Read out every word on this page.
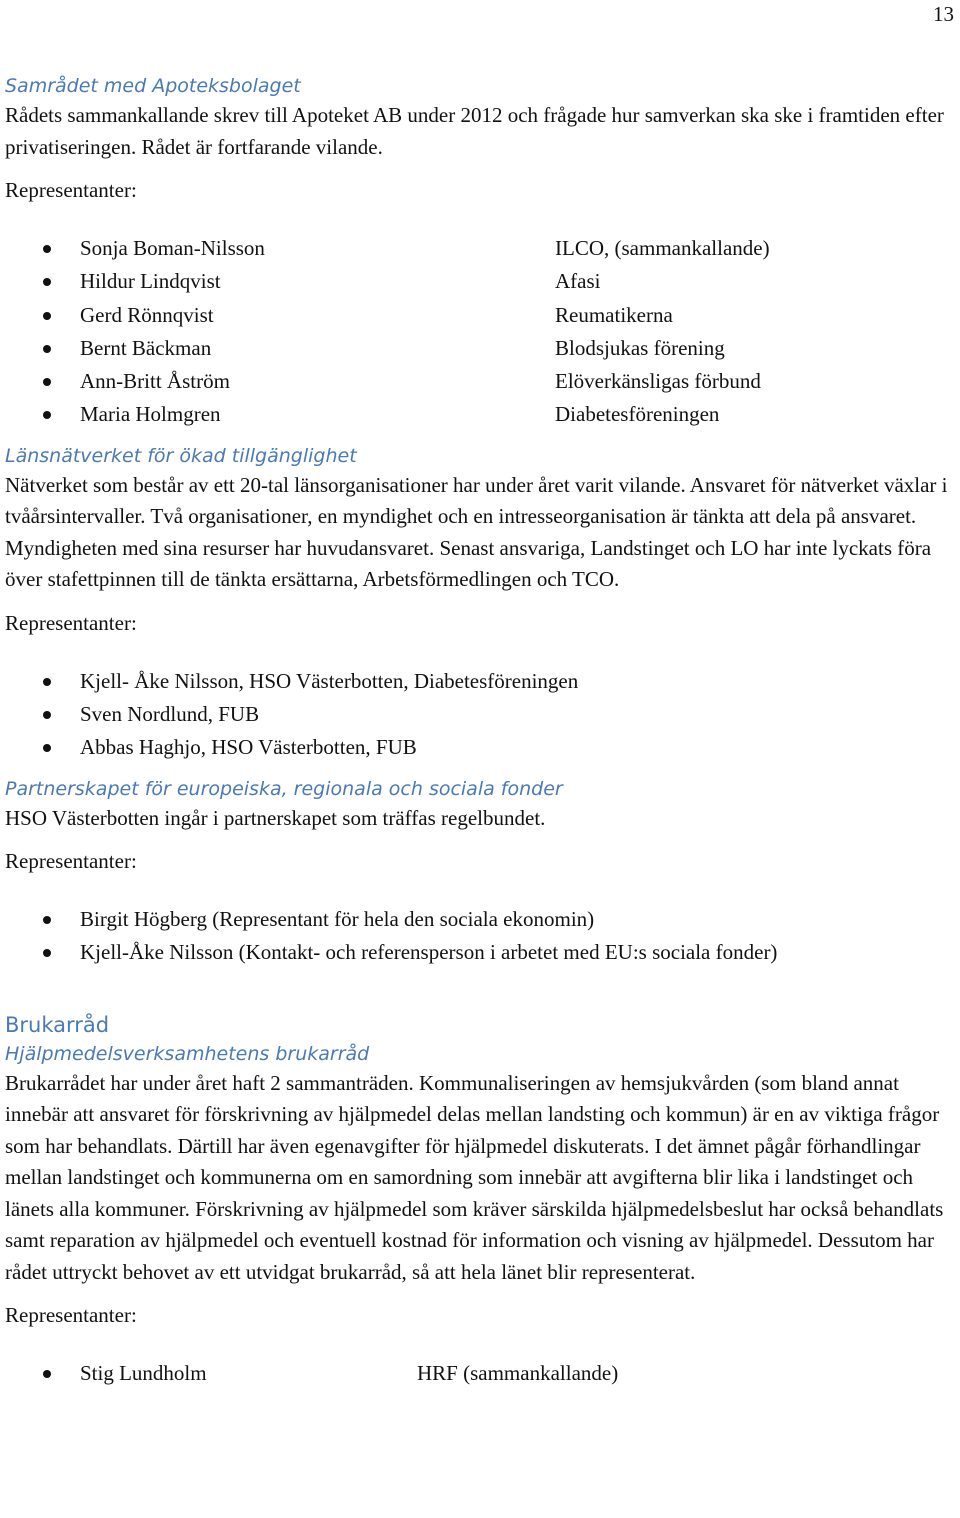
13
Samrådet med Apoteksbolaget

Rådets sammankallande skrev till Apoteket AB under 2012 och frågade hur samverkan ska ske i framtiden efter privatiseringen. Rådet är fortfarande vilande.

Representanter:

Sonja Boman-Nilsson	ILCO, (sammankallande)
Hildur Lindqvist	Afasi
Gerd Rönnqvist	Reumatikerna
Bernt Bäckman	Blodsjukas förening
Ann-Britt Åström	Elöverkänsligas förbund
Maria Holmgren	Diabetesföreningen
Länsnätverket för ökad tillgänglighet

Nätverket som består av ett 20-tal länsorganisationer har under året varit vilande. Ansvaret för nätverket växlar i tvåårsintervaller. Två organisationer, en myndighet och en intresseorganisation är tänkta att dela på ansvaret. Myndigheten med sina resurser har huvudansvaret. Senast ansvariga, Landstinget och LO har inte lyckats föra över stafettpinnen till de tänkta ersättarna, Arbetsförmedlingen och TCO.

Representanter:

Kjell- Åke Nilsson, HSO Västerbotten, Diabetesföreningen
Sven Nordlund, FUB
Abbas Haghjo, HSO Västerbotten, FUB
Partnerskapet för europeiska, regionala och sociala fonder

HSO Västerbotten ingår i partnerskapet som träffas regelbundet.

Representanter:

Birgit Högberg (Representant för hela den sociala ekonomin)
Kjell-Åke Nilsson (Kontakt- och referensperson i arbetet med EU:s sociala fonder)
Brukarråd
Hjälpmedelsverksamhetens brukarråd

Brukarrådet har under året haft 2 sammanträden. Kommunaliseringen av hemsjukvården (som bland annat innebär att ansvaret för förskrivning av hjälpmedel delas mellan landsting och kommun) är en av viktiga frågor som har behandlats. Därtill har även egenavgifter för hjälpmedel diskuterats. I det ämnet pågår förhandlingar mellan landstinget och kommunerna om en samordning som innebär att avgifterna blir lika i landstinget och länets alla kommuner. Förskrivning av hjälpmedel som kräver särskilda hjälpmedelsbeslut har också behandlats samt reparation av hjälpmedel och eventuell kostnad för information och visning av hjälpmedel. Dessutom har rådet uttryckt behovet av ett utvidgat brukarråd, så att hela länet blir representerat.

Representanter:

Stig Lundholm	HRF (sammankallande)
